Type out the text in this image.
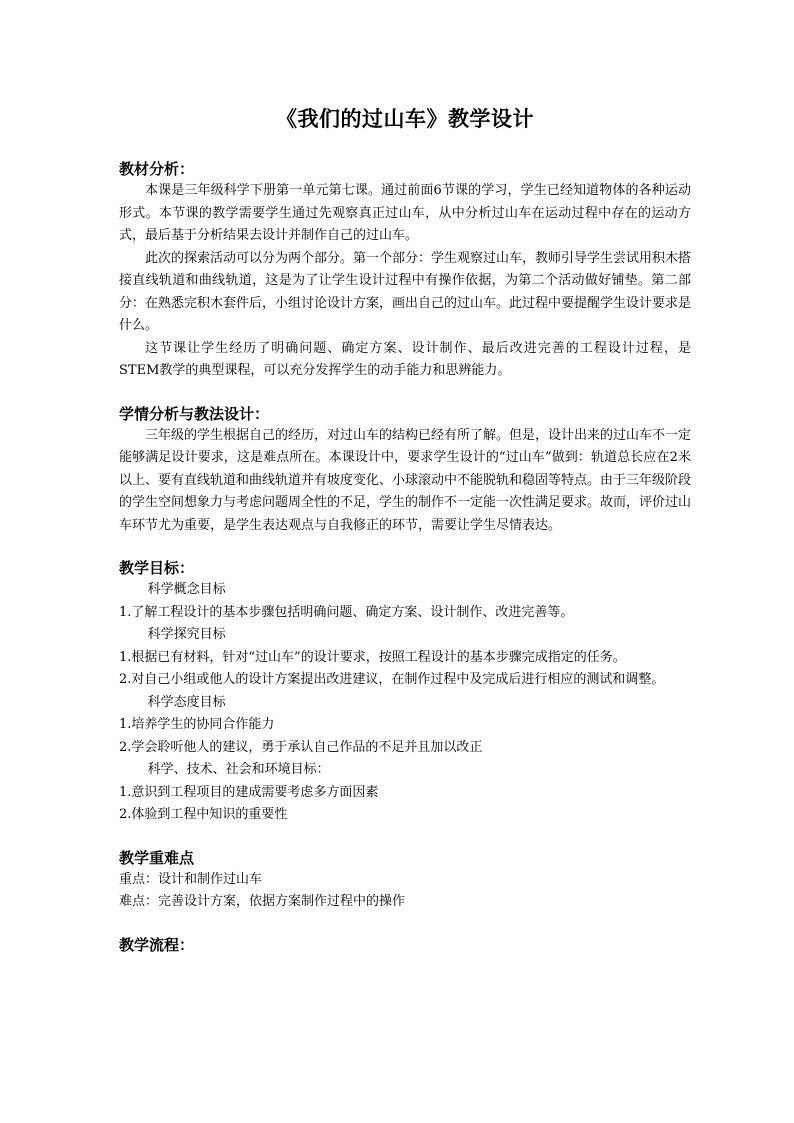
《我们的过山车》教学设计

教材分析：

本课是三年级科学下册第一单元第七课。通过前面6节课的学习，学生已经知道物体的各种运动形式。本节课的教学需要学生通过先观察真正过山车，从中分析过山车在运动过程中存在的运动方式，最后基于分析结果去设计并制作自己的过山车。

此次的探索活动可以分为两个部分。第一个部分：学生观察过山车，教师引导学生尝试用积木搭接直线轨道和曲线轨道，这是为了让学生设计过程中有操作依据，为第二个活动做好铺垫。第二部分：在熟悉完积木套件后，小组讨论设计方案，画出自己的过山车。此过程中要提醒学生设计要求是什么。

这节课让学生经历了明确问题、确定方案、设计制作、最后改进完善的工程设计过程，是STEM教学的典型课程，可以充分发挥学生的动手能力和思辨能力。

学情分析与教法设计：

三年级的学生根据自己的经历，对过山车的结构已经有所了解。但是，设计出来的过山车不一定能够满足设计要求，这是难点所在。本课设计中，要求学生设计的“过山车”做到：轨道总长应在2米以上、要有直线轨道和曲线轨道并有坡度变化、小球滚动中不能脱轨和稳固等特点。由于三年级阶段的学生空间想象力与考虑问题周全性的不足，学生的制作不一定能一次性满足要求。故而，评价过山车环节尤为重要，是学生表达观点与自我修正的环节，需要让学生尽情表达。

教学目标：

科学概念目标

1.了解工程设计的基本步骤包括明确问题、确定方案、设计制作、改进完善等。

科学探究目标

1.根据已有材料，针对“过山车”的设计要求，按照工程设计的基本步骤完成指定的任务。

2.对自己小组或他人的设计方案提出改进建议，在制作过程中及完成后进行相应的测试和调整。

科学态度目标

1.培养学生的协同合作能力

2.学会聆听他人的建议，勇于承认自己作品的不足并且加以改正

科学、技术、社会和环境目标：

1.意识到工程项目的建成需要考虑多方面因素

2.体验到工程中知识的重要性

教学重难点

重点：设计和制作过山车

难点：完善设计方案，依据方案制作过程中的操作

教学流程：
